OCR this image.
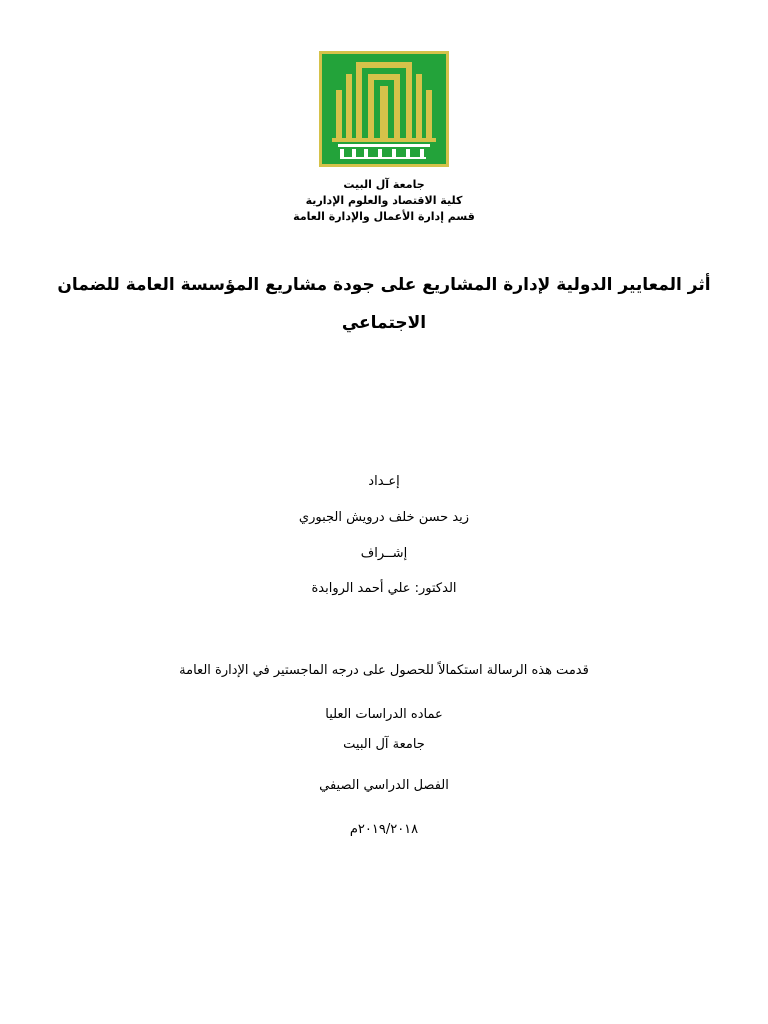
جامعة آل البيت
كلية الاقتصاد والعلوم الإدارية
قسم إدارة الأعمال والإدارة العامة
أثر المعايير الدولية لإدارة المشاريع على جودة مشاريع المؤسسة العامة للضمان
الاجتماعي
إعـداد
زيد حسن خلف درويش الجبوري
إشــراف
الدكتور: علي أحمد الروابدة
قدمت هذه الرسالة استكمالاً للحصول على درجه الماجستير في الإدارة العامة
عماده الدراسات العليا
جامعة آل البيت
الفصل الدراسي الصيفي
٢٠١٩/٢٠١٨م
